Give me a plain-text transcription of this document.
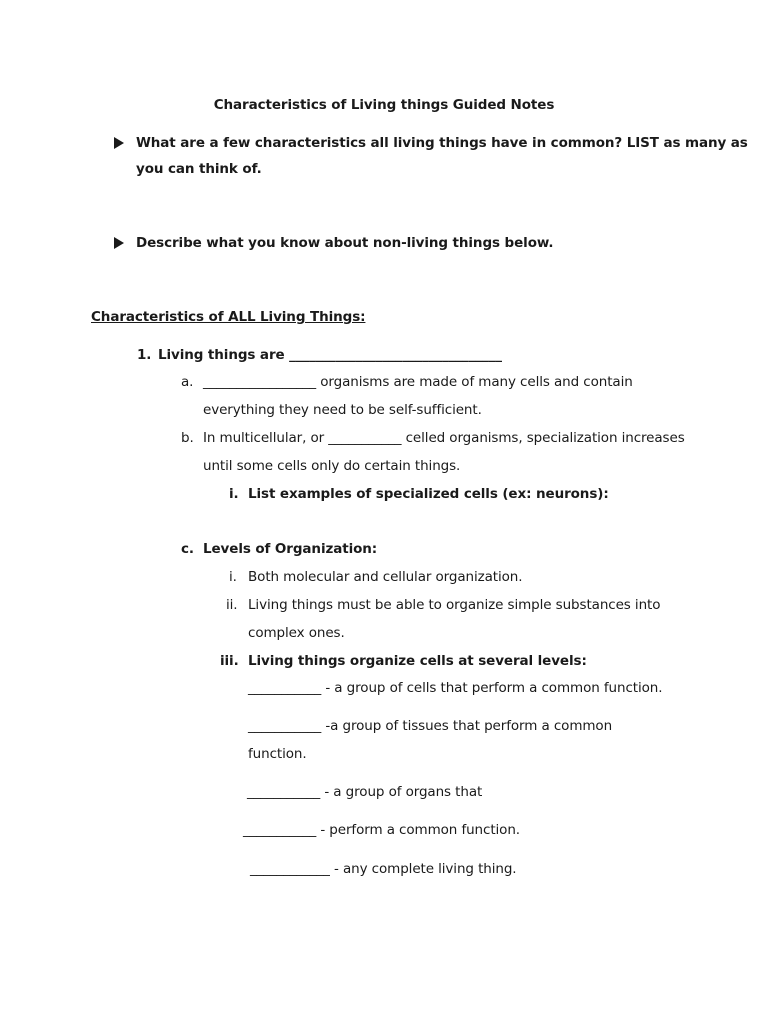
Characteristics of Living things Guided Notes
What are a few characteristics all living things have in common? LIST as many as
you can think of.
Describe what you know about non-living things below.
Characteristics of ALL Living Things:
1. Living things are ________________________________
a. _________________ organisms are made of many cells and contain
everything they need to be self-sufficient.
b. In multicellular, or ___________ celled organisms, specialization increases
until some cells only do certain things.
i. List examples of specialized cells (ex: neurons):
c. Levels of Organization:
i. Both molecular and cellular organization.
ii. Living things must be able to organize simple substances into
complex ones.
iii. Living things organize cells at several levels:
___________ - a group of cells that perform a common function.
___________ -a group of tissues that perform a common
function.
___________ - a group of organs that
___________ - perform a common function.
____________ - any complete living thing.
